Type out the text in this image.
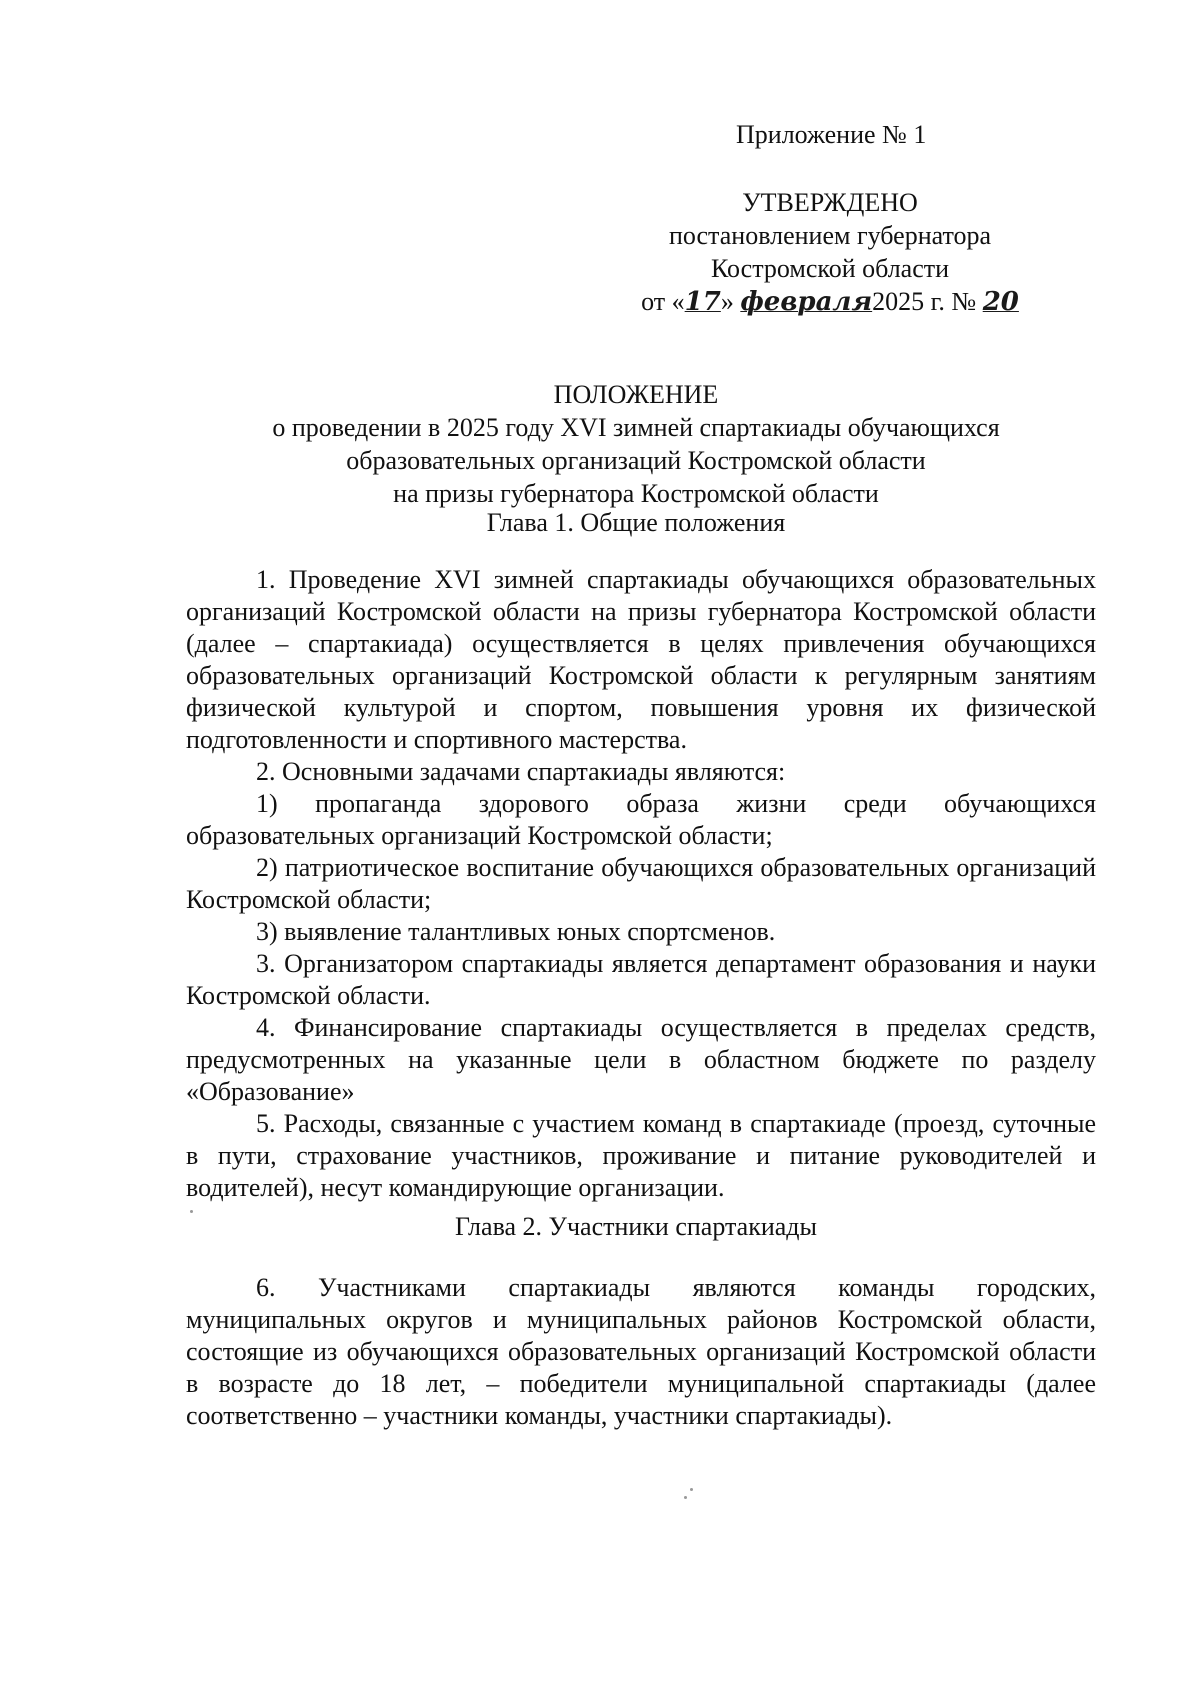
Приложение № 1
УТВЕРЖДЕНО
постановлением губернатора
Костромской области
от «17» февраля2025 г. № 20
ПОЛОЖЕНИЕ
о проведении в 2025 году XVI зимней спартакиады обучающихся
образовательных организаций Костромской области
на призы губернатора Костромской области
Глава 1. Общие положения

1. Проведение XVI зимней спартакиады обучающихся образовательных организаций Костромской области на призы губернатора Костромской области (далее – спартакиада) осуществляется в целях привлечения обучающихся образовательных организаций Костромской области к регулярным занятиям физической культурой и спортом, повышения уровня их физической подготовленности и спортивного мастерства.

2. Основными задачами спартакиады являются:

1) пропаганда здорового образа жизни среди обучающихся образовательных организаций Костромской области;

2) патриотическое воспитание обучающихся образовательных организаций Костромской области;

3) выявление талантливых юных спортсменов.

3. Организатором спартакиады является департамент образования и науки Костромской области.

4. Финансирование спартакиады осуществляется в пределах средств, предусмотренных на указанные цели в областном бюджете по разделу «Образование»

5. Расходы, связанные с участием команд в спартакиаде (проезд, суточные в пути, страхование участников, проживание и питание руководителей и водителей), несут командирующие организации.

Глава 2. Участники спартакиады

6. Участниками спартакиады являются команды городских, муниципальных округов и муниципальных районов Костромской области, состоящие из обучающихся образовательных организаций Костромской области в возрасте до 18 лет, – победители муниципальной спартакиады (далее соответственно – участники команды, участники спартакиады).
